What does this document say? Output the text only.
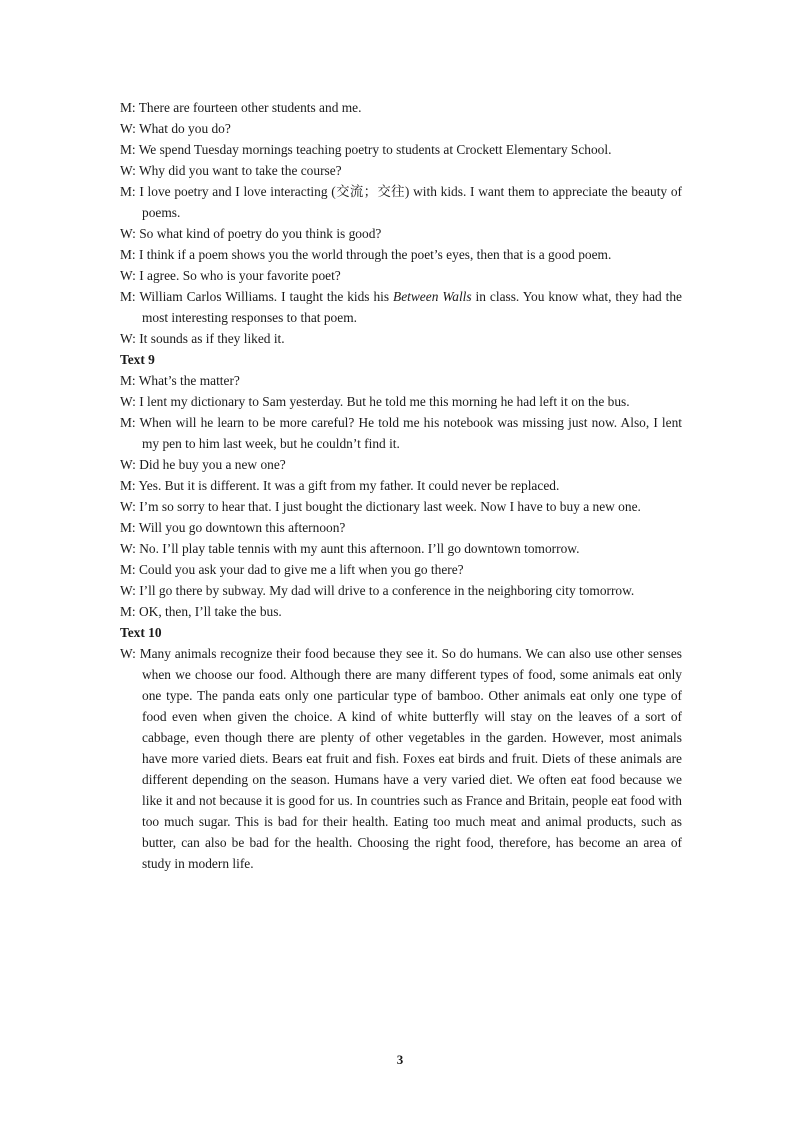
M: There are fourteen other students and me.

W: What do you do?

M: We spend Tuesday mornings teaching poetry to students at Crockett Elementary School.

W: Why did you want to take the course?

M: I love poetry and I love interacting (交流；交往) with kids. I want them to appreciate the beauty of poems.

W: So what kind of poetry do you think is good?

M: I think if a poem shows you the world through the poet’s eyes, then that is a good poem.

W: I agree. So who is your favorite poet?

M: William Carlos Williams. I taught the kids his Between Walls in class. You know what, they had the most interesting responses to that poem.

W: It sounds as if they liked it.

Text 9

M: What’s the matter?

W: I lent my dictionary to Sam yesterday. But he told me this morning he had left it on the bus.

M: When will he learn to be more careful? He told me his notebook was missing just now. Also, I lent my pen to him last week, but he couldn’t find it.

W: Did he buy you a new one?

M: Yes. But it is different. It was a gift from my father. It could never be replaced.

W: I’m so sorry to hear that. I just bought the dictionary last week. Now I have to buy a new one.

M: Will you go downtown this afternoon?

W: No. I’ll play table tennis with my aunt this afternoon. I’ll go downtown tomorrow.

M: Could you ask your dad to give me a lift when you go there?

W: I’ll go there by subway. My dad will drive to a conference in the neighboring city tomorrow.

M: OK, then, I’ll take the bus.

Text 10

W: Many animals recognize their food because they see it. So do humans. We can also use other senses when we choose our food. Although there are many different types of food, some animals eat only one type. The panda eats only one particular type of bamboo. Other animals eat only one type of food even when given the choice. A kind of white butterfly will stay on the leaves of a sort of cabbage, even though there are plenty of other vegetables in the garden. However, most animals have more varied diets. Bears eat fruit and fish. Foxes eat birds and fruit. Diets of these animals are different depending on the season. Humans have a very varied diet. We often eat food because we like it and not because it is good for us. In countries such as France and Britain, people eat food with too much sugar. This is bad for their health. Eating too much meat and animal products, such as butter, can also be bad for the health. Choosing the right food, therefore, has become an area of study in modern life.

3
